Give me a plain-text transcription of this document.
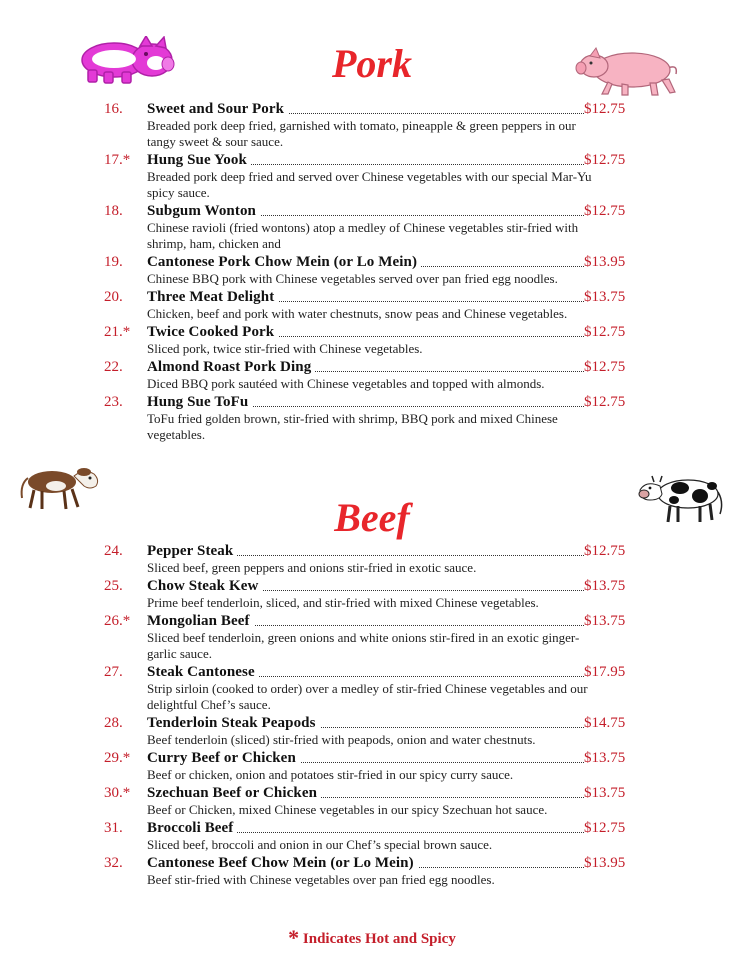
Pork
16. Sweet and Sour Pork	$12.75
Breaded pork deep fried, garnished with tomato, pineapple & green peppers in our tangy sweet & sour sauce.
17.* Hung Sue Yook	$12.75
Breaded pork deep fried and served over Chinese vegetables with our special Mar-Yu spicy sauce.
18. Subgum Wonton	$12.75
Chinese ravioli (fried wontons) atop a medley of Chinese vegetables stir-fried with shrimp, ham, chicken and
19. Cantonese Pork Chow Mein (or Lo Mein)	$13.95
Chinese BBQ pork with Chinese vegetables served over pan fried egg noodles.
20. Three Meat Delight	$13.75
Chicken, beef and pork with water chestnuts, snow peas and Chinese vegetables.
21.* Twice Cooked Pork	$12.75
Sliced pork, twice stir-fried with Chinese vegetables.
22. Almond Roast Pork Ding	$12.75
Diced BBQ pork sautéed with Chinese vegetables and topped with almonds.
23. Hung Sue ToFu	$12.75
ToFu fried golden brown, stir-fried with shrimp, BBQ pork and mixed Chinese vegetables.
Beef
24. Pepper Steak	$12.75
Sliced beef, green peppers and onions stir-fried in exotic sauce.
25. Chow Steak Kew	$13.75
Prime beef tenderloin, sliced, and stir-fried with mixed Chinese vegetables.
26.* Mongolian Beef	$13.75
Sliced beef tenderloin, green onions and white onions stir-fired in an exotic ginger-garlic sauce.
27. Steak Cantonese	$17.95
Strip sirloin (cooked to order) over a medley of stir-fried Chinese vegetables and our delightful Chef’s sauce.
28. Tenderloin Steak Peapods	$14.75
Beef tenderloin (sliced) stir-fried with peapods, onion and water chestnuts.
29.* Curry Beef or Chicken	$13.75
Beef or chicken, onion and potatoes stir-fried in our spicy curry sauce.
30.* Szechuan Beef or Chicken	$13.75
Beef or Chicken, mixed Chinese vegetables in our spicy Szechuan hot sauce.
31. Broccoli Beef	$12.75
Sliced beef, broccoli and onion in our Chef’s special brown sauce.
32. Cantonese Beef Chow Mein (or Lo Mein)	$13.95
Beef stir-fried with Chinese vegetables over pan fried egg noodles.
* Indicates Hot and Spicy
